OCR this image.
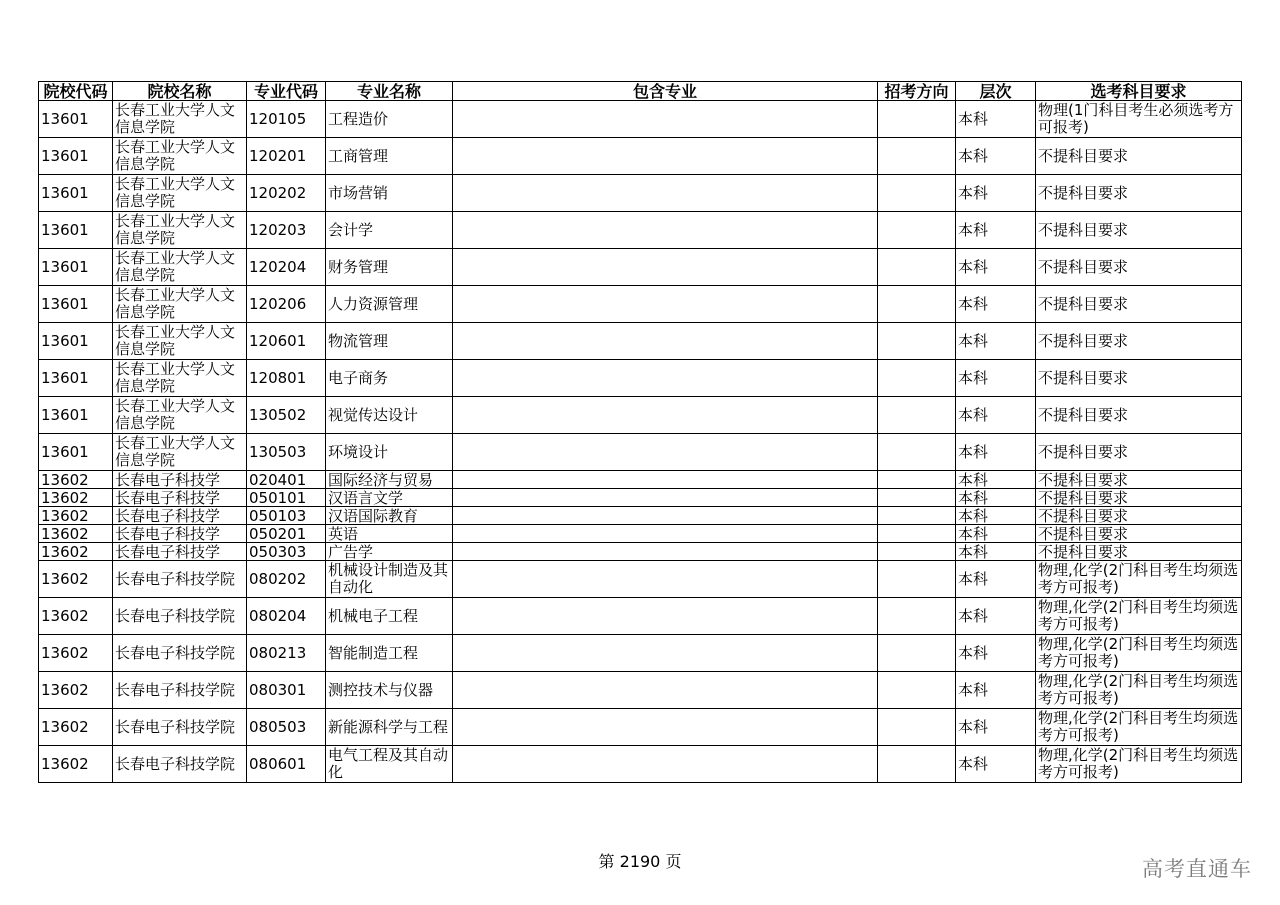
院校代码	院校名称	专业代码	专业名称	包含专业	招考方向	层次	选考科目要求
13601	长春工业大学人文信息学院	120105	工程造价			本科	物理(1门科目考生必须选考方可报考)
13601	长春工业大学人文信息学院	120201	工商管理			本科	不提科目要求
13601	长春工业大学人文信息学院	120202	市场营销			本科	不提科目要求
13601	长春工业大学人文信息学院	120203	会计学			本科	不提科目要求
13601	长春工业大学人文信息学院	120204	财务管理			本科	不提科目要求
13601	长春工业大学人文信息学院	120206	人力资源管理			本科	不提科目要求
13601	长春工业大学人文信息学院	120601	物流管理			本科	不提科目要求
13601	长春工业大学人文信息学院	120801	电子商务			本科	不提科目要求
13601	长春工业大学人文信息学院	130502	视觉传达设计			本科	不提科目要求
13601	长春工业大学人文信息学院	130503	环境设计			本科	不提科目要求
13602	长春电子科技学	020401	国际经济与贸易			本科	不提科目要求
13602	长春电子科技学	050101	汉语言文学			本科	不提科目要求
13602	长春电子科技学	050103	汉语国际教育			本科	不提科目要求
13602	长春电子科技学	050201	英语			本科	不提科目要求
13602	长春电子科技学	050303	广告学			本科	不提科目要求
13602	长春电子科技学院	080202	机械设计制造及其自动化			本科	物理,化学(2门科目考生均须选考方可报考)
13602	长春电子科技学院	080204	机械电子工程			本科	物理,化学(2门科目考生均须选考方可报考)
13602	长春电子科技学院	080213	智能制造工程			本科	物理,化学(2门科目考生均须选考方可报考)
13602	长春电子科技学院	080301	测控技术与仪器			本科	物理,化学(2门科目考生均须选考方可报考)
13602	长春电子科技学院	080503	新能源科学与工程			本科	物理,化学(2门科目考生均须选考方可报考)
13602	长春电子科技学院	080601	电气工程及其自动化			本科	物理,化学(2门科目考生均须选考方可报考)
第 2190 页	高考直通车
